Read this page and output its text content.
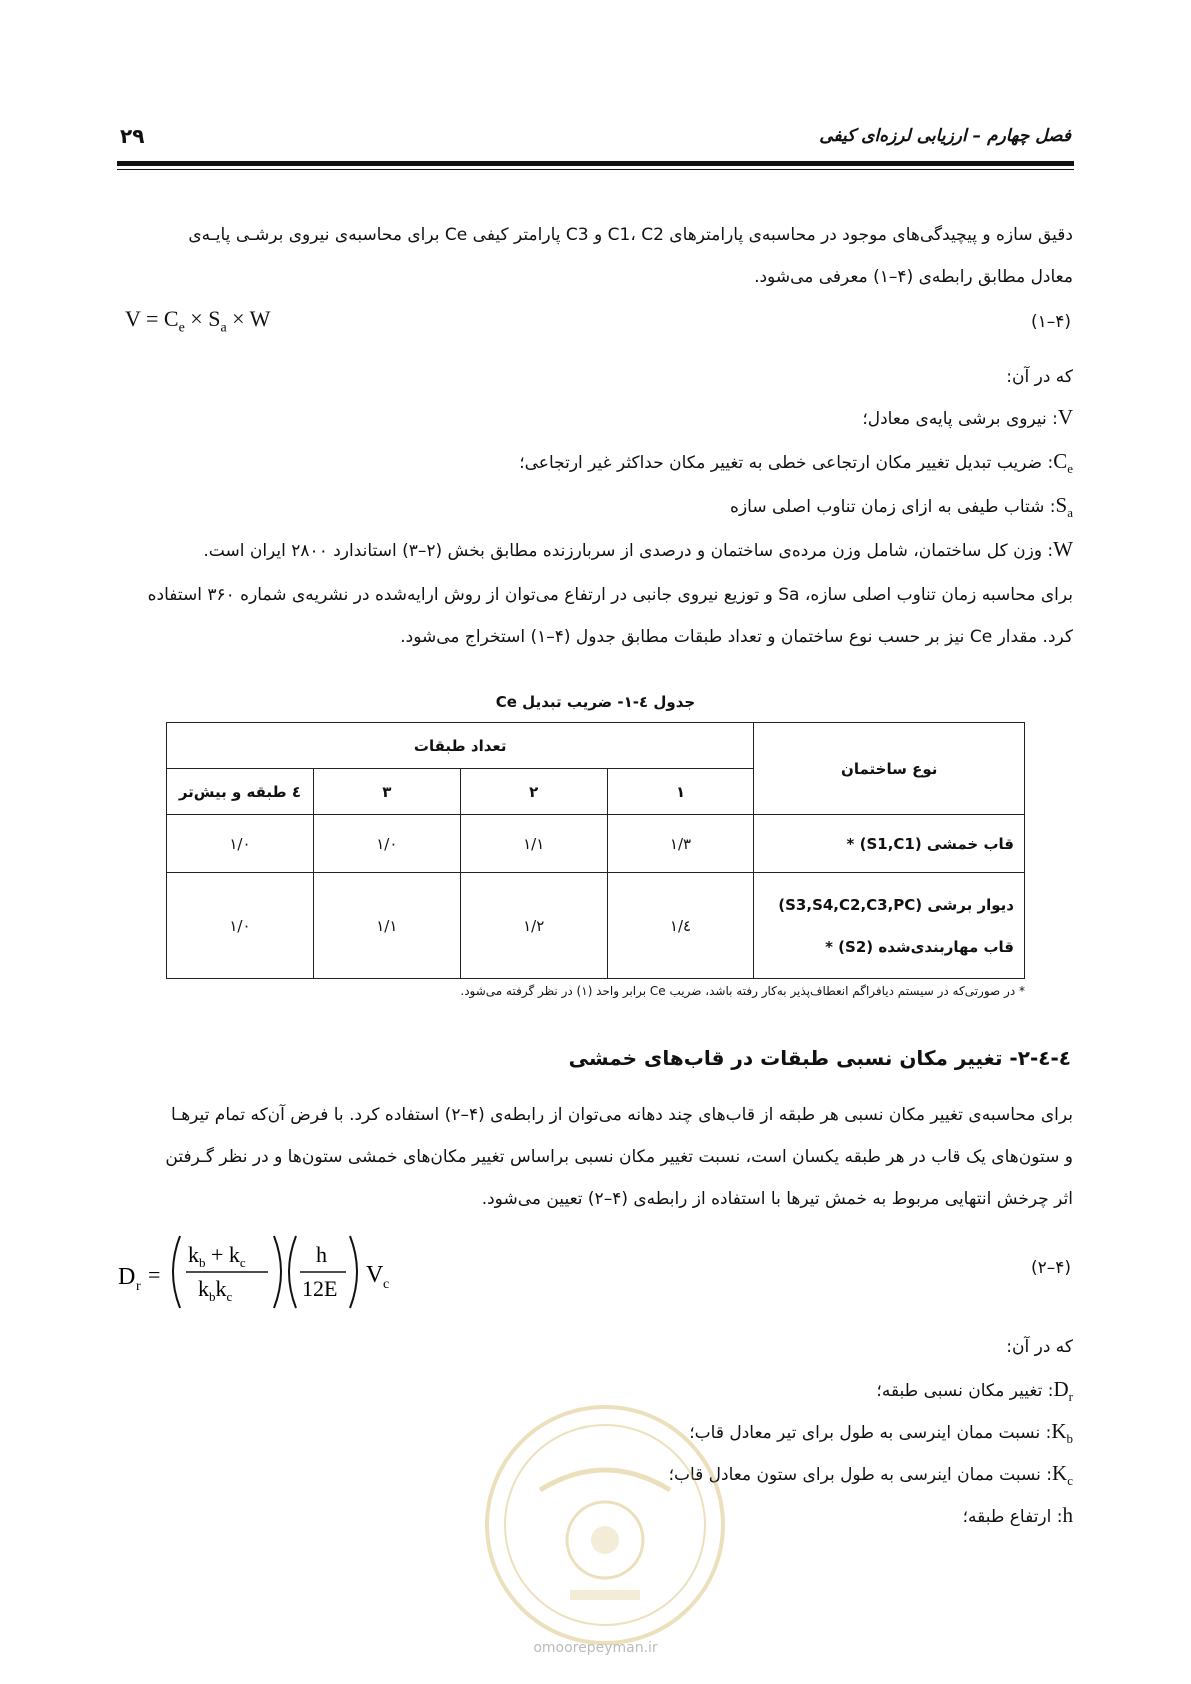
فصل چهارم – ارزیابی لرزه‌ای کیفی
۲۹
دقیق سازه و پیچیدگی‌های موجود در محاسبه‌ی پارامترهای C1، C2 و C3 پارامتر کیفی Ce برای محاسبه‌ی نیروی برشـی پایـه‌ی
معادل مطابق رابطه‌ی (۴–۱) معرفی می‌شود.
$V = C_e \times S_a \times W$	(۴–۱)
که در آن:
V: نیروی برشی پایه‌ی معادل؛
$C_e$: ضریب تبدیل تغییر مکان ارتجاعی خطی به تغییر مکان حداکثر غیر ارتجاعی؛
$S_a$: شتاب طیفی به ازای زمان تناوب اصلی سازه
W: وزن کل ساختمان، شامل وزن مرده‌ی ساختمان و درصدی از سربارزنده مطابق بخش (۲–۳) استاندارد ۲۸۰۰ ایران است.
برای محاسبه زمان تناوب اصلی سازه، Sa و توزیع نیروی جانبی در ارتفاع می‌توان از روش ارایه‌شده در نشریه‌ی شماره ۳۶۰ استفاده
کرد. مقدار Ce نیز بر حسب نوع ساختمان و تعداد طبقات مطابق جدول (۴–۱) استخراج می‌شود.
جدول ٤-١- ضریب تبدیل Ce
نوع ساختمان	تعداد طبقات			
	١	٢	٣	٤ طبقه و بیش‌تر

قاب خمشی (S1,C1) *	١/٣	١/١	١/٠	١/٠

دیوار برشی (S3,S4,C2,C3,PC)
قاب مهاربندی‌شده (S2) *	١/٤	١/٢	١/١	١/٠
* در صورتی‌که در سیستم دیافراگم انعطاف‌پذیر به‌کار رفته باشد، ضریب Ce برابر واحد (١) در نظر گرفته می‌شود.
٤-٤-٢- تغییر مکان نسبی طبقات در قاب‌های خمشی
برای محاسبه‌ی تغییر مکان نسبی هر طبقه از قاب‌های چند دهانه می‌توان از رابطه‌ی (۴–۲) استفاده کرد. با فرض آن‌که تمام تیرهـا
و ستون‌های یک قاب در هر طبقه یکسان است، نسبت تغییر مکان نسبی براساس تغییر مکان‌های خمشی ستون‌ها و در نظر گـرفتن
اثر چرخش انتهایی مربوط به خمش تیرها با استفاده از رابطه‌ی (۴–۲) تعیین می‌شود.
D r =
$k_b + k_c$
$k_bk_c$
h
12E
V c
(۴–۲)
که در آن:
$D_r$: تغییر مکان نسبی طبقه؛
$K_b$: نسبت ممان اینرسی به طول برای تیر معادل قاب؛
$K_c$: نسبت ممان اینرسی به طول برای ستون معادل قاب؛
h: ارتفاع طبقه؛
omoorepeyman.ir
